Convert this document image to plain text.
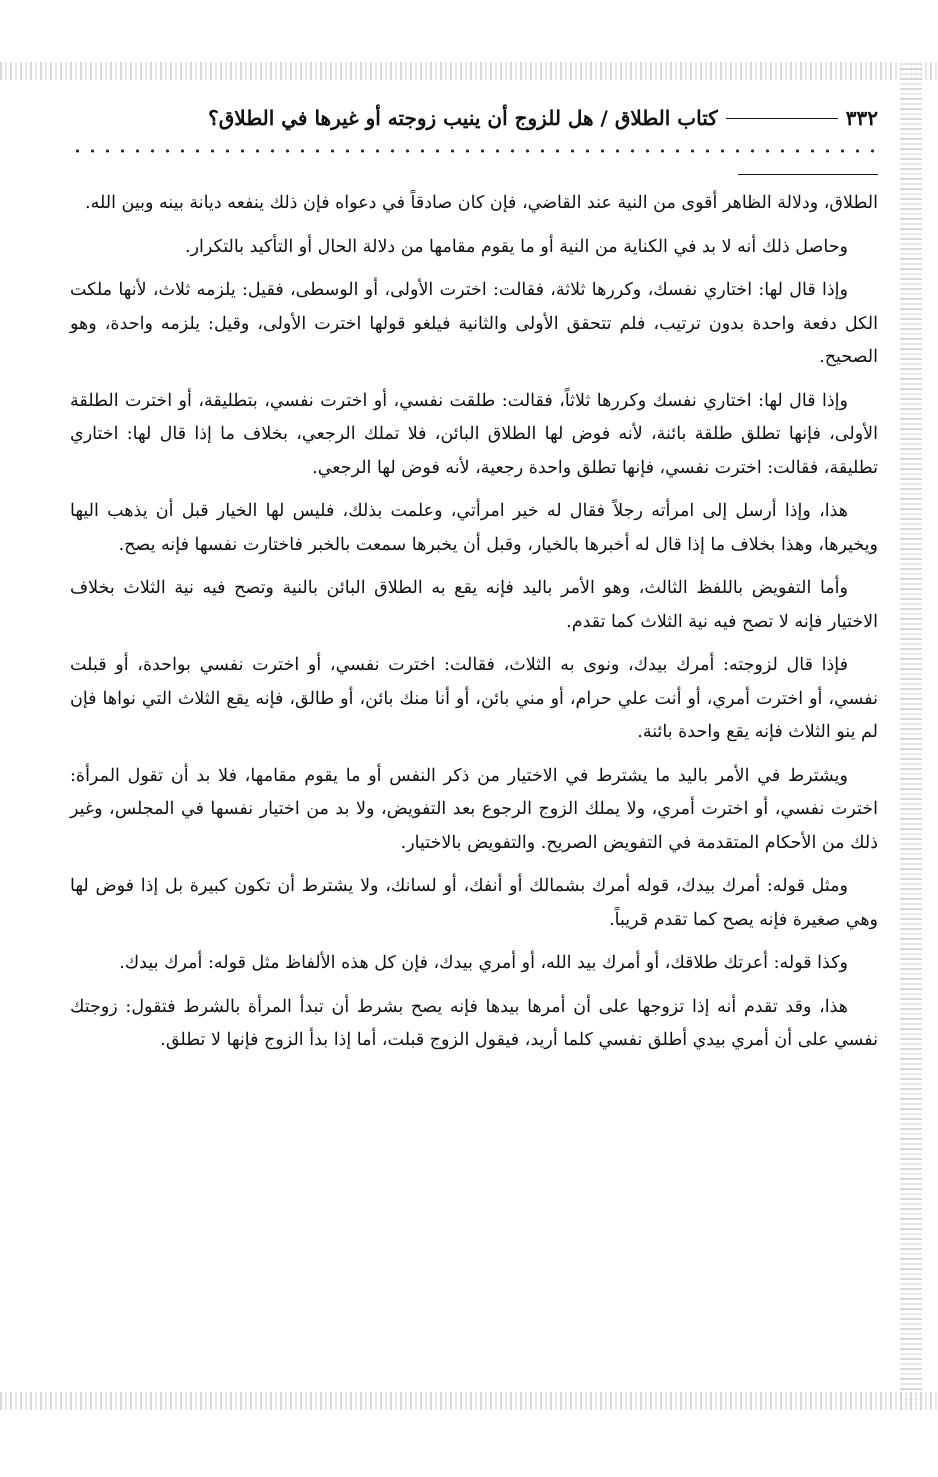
٣٣٢
كتاب الطلاق / هل للزوج أن ينيب زوجته أو غيرها في الطلاق؟

الطلاق، ودلالة الظاهر أقوى من النية عند القاضي، فإن كان صادقاً في دعواه فإن ذلك ينفعه ديانة بينه وبين الله.

وحاصل ذلك أنه لا بد في الكناية من النية أو ما يقوم مقامها من دلالة الحال أو التأكيد بالتكرار.

وإذا قال لها: اختاري نفسك، وكررها ثلاثة، فقالت: اخترت الأولى، أو الوسطى، فقيل: يلزمه ثلاث، لأنها ملكت الكل دفعة واحدة بدون ترتيب، فلم تتحقق الأولى والثانية فيلغو قولها اخترت الأولى، وقيل: يلزمه واحدة، وهو الصحيح.

وإذا قال لها: اختاري نفسك وكررها ثلاثاً، فقالت: طلقت نفسي، أو اخترت نفسي، بتطليقة، أو اخترت الطلقة الأولى، فإنها تطلق طلقة بائنة، لأنه فوض لها الطلاق البائن، فلا تملك الرجعي، بخلاف ما إذا قال لها: اختاري تطليقة، فقالت: اخترت نفسي، فإنها تطلق واحدة رجعية، لأنه فوض لها الرجعي.

هذا، وإذا أرسل إلى امرأته رجلاً فقال له خير امرأتي، وعلمت بذلك، فليس لها الخيار قبل أن يذهب اليها ويخيرها، وهذا بخلاف ما إذا قال له أخبرها بالخيار، وقبل أن يخبرها سمعت بالخبر فاختارت نفسها فإنه يصح.

وأما التفويض باللفظ الثالث، وهو الأمر باليد فإنه يقع به الطلاق البائن بالنية وتصح فيه نية الثلاث بخلاف الاختيار فإنه لا تصح فيه نية الثلاث كما تقدم.

فإذا قال لزوجته: أمرك بيدك، ونوى به الثلاث، فقالت: اخترت نفسي، أو اخترت نفسي بواحدة، أو قبلت نفسي، أو اخترت أمري، أو أنت علي حرام، أو مني بائن، أو أنا منك بائن، أو طالق، فإنه يقع الثلاث التي نواها فإن لم ينو الثلاث فإنه يقع واحدة بائنة.

ويشترط في الأمر باليد ما يشترط في الاختيار من ذكر النفس أو ما يقوم مقامها، فلا بد أن تقول المرأة: اخترت نفسي، أو اخترت أمري، ولا يملك الزوج الرجوع بعد التفويض، ولا بد من اختيار نفسها في المجلس، وغير ذلك من الأحكام المتقدمة في التفويض الصريح. والتفويض بالاختيار.

ومثل قوله: أمرك بيدك، قوله أمرك بشمالك أو أنفك، أو لسانك، ولا يشترط أن تكون كبيرة بل إذا فوض لها وهي صغيرة فإنه يصح كما تقدم قريباً.

وكذا قوله: أعرتك طلاقك، أو أمرك بيد الله، أو أمري بيدك، فإن كل هذه الألفاظ مثل قوله: أمرك بيدك.

هذا، وقد تقدم أنه إذا تزوجها على أن أمرها بيدها فإنه يصح بشرط أن تبدأ المرأة بالشرط فتقول: زوجتك نفسي على أن أمري بيدي أطلق نفسي كلما أريد، فيقول الزوج قبلت، أما إذا بدأ الزوج فإنها لا تطلق.
